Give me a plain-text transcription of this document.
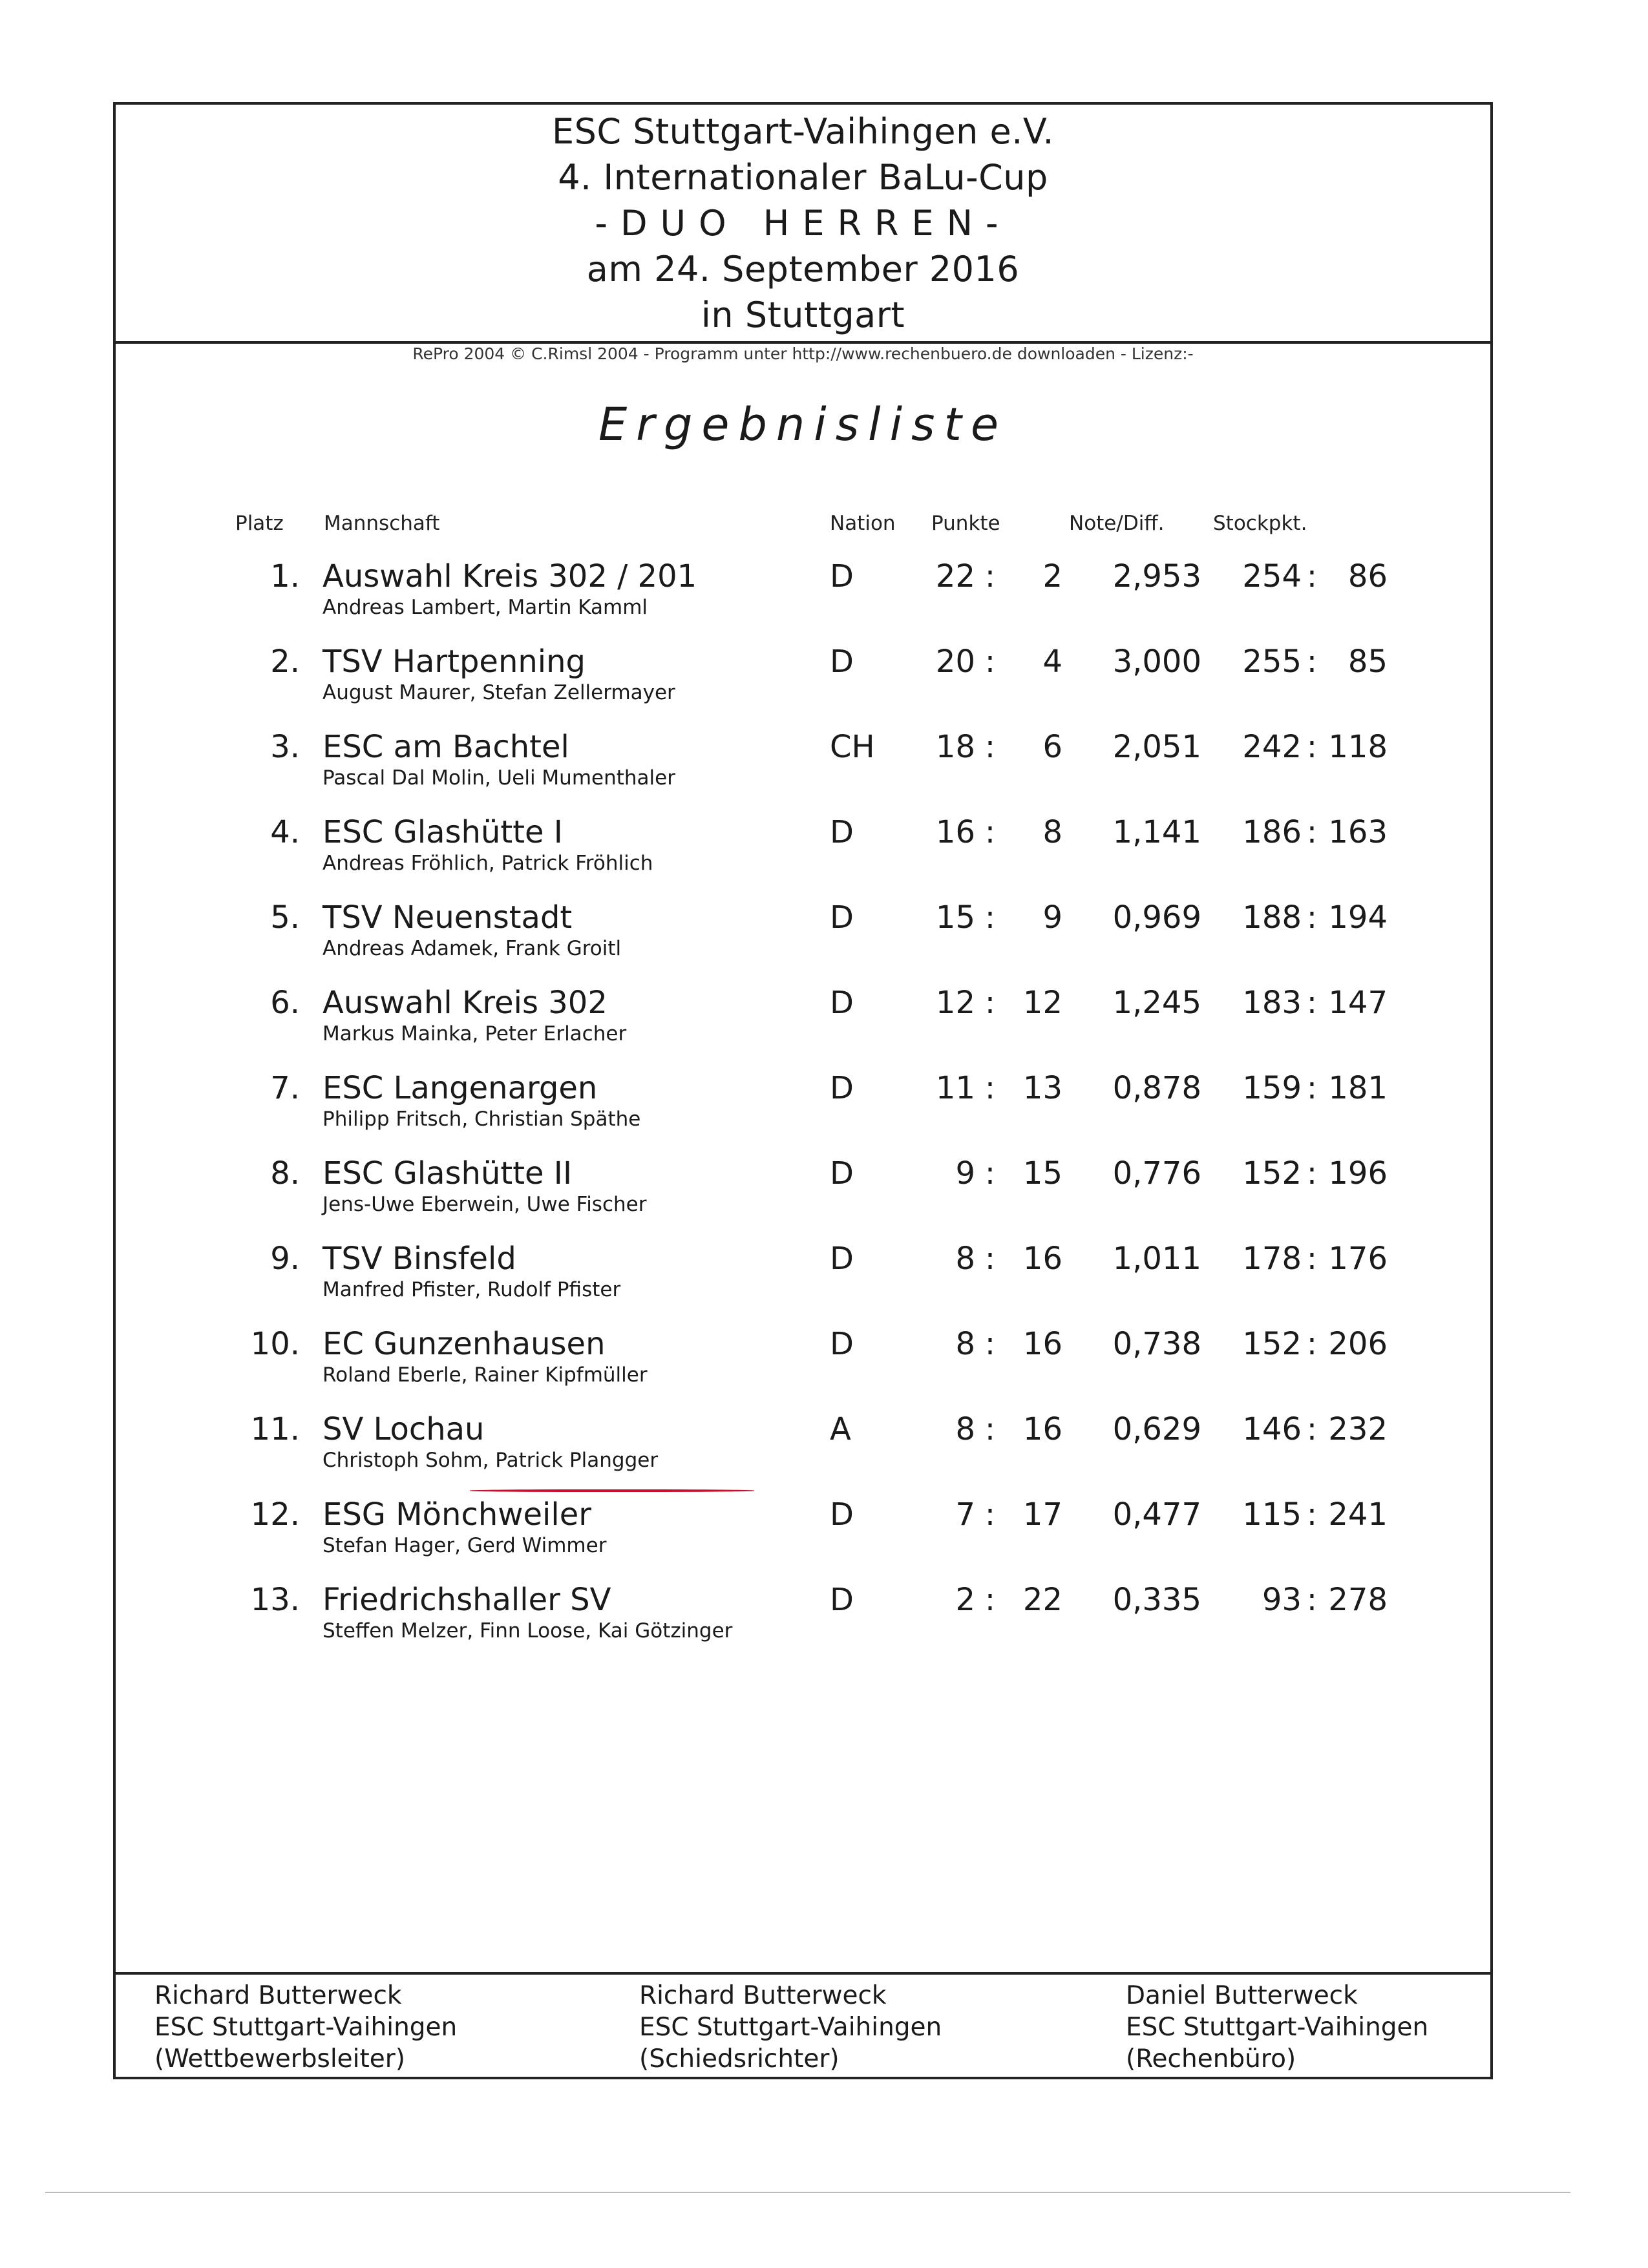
ESC Stuttgart-Vaihingen e.V.
4. Internationaler BaLu-Cup
-DUO HERREN-
am 24. September 2016
in Stuttgart
RePro 2004 © C.Rimsl 2004 - Programm unter http://www.rechenbuero.de downloaden - Lizenz:-
Ergebnisliste
Platz Mannschaft	Nation Punkte	Note/Diff. Stockpkt.
1. Auswahl Kreis 302 / 201
Andreas Lambert, Martin Kamml
D	22 :	2	2,953	254 : 86
2. TSV Hartpenning
August Maurer, Stefan Zellermayer
D	20 :	4	3,000	255 : 85
3. ESC am Bachtel
Pascal Dal Molin, Ueli Mumenthaler
CH	18 :	6	2,051	242 : 118
4. ESC Glashütte I
Andreas Fröhlich, Patrick Fröhlich
D	16 :	8	1,141	186 : 163
5. TSV Neuenstadt
Andreas Adamek, Frank Groitl
D	15 :	9	0,969	188 : 194
6. Auswahl Kreis 302
Markus Mainka, Peter Erlacher
D	12 : 12	1,245	183 : 147
7. ESC Langenargen
Philipp Fritsch, Christian Späthe
D	11 : 13	0,878	159 : 181
8. ESC Glashütte II
Jens-Uwe Eberwein, Uwe Fischer
D	9 : 15	0,776	152 : 196
9. TSV Binsfeld
Manfred Pfister, Rudolf Pfister
D	8 : 16	1,011	178 : 176
10. EC Gunzenhausen
Roland Eberle, Rainer Kipfmüller
D	8 : 16	0,738	152 : 206
11. SV Lochau
Christoph Sohm, Patrick Plangger
A	8 : 16	0,629	146 : 232
12. ESG Mönchweiler
Stefan Hager, Gerd Wimmer
D	7 : 17	0,477	115 : 241
13. Friedrichshaller SV
Steffen Melzer, Finn Loose, Kai Götzinger
D	2 : 22	0,335	93 : 278
Richard Butterweck
ESC Stuttgart-Vaihingen
(Wettbewerbsleiter)
Richard Butterweck
ESC Stuttgart-Vaihingen
(Schiedsrichter)
Daniel Butterweck
ESC Stuttgart-Vaihingen
(Rechenbüro)
